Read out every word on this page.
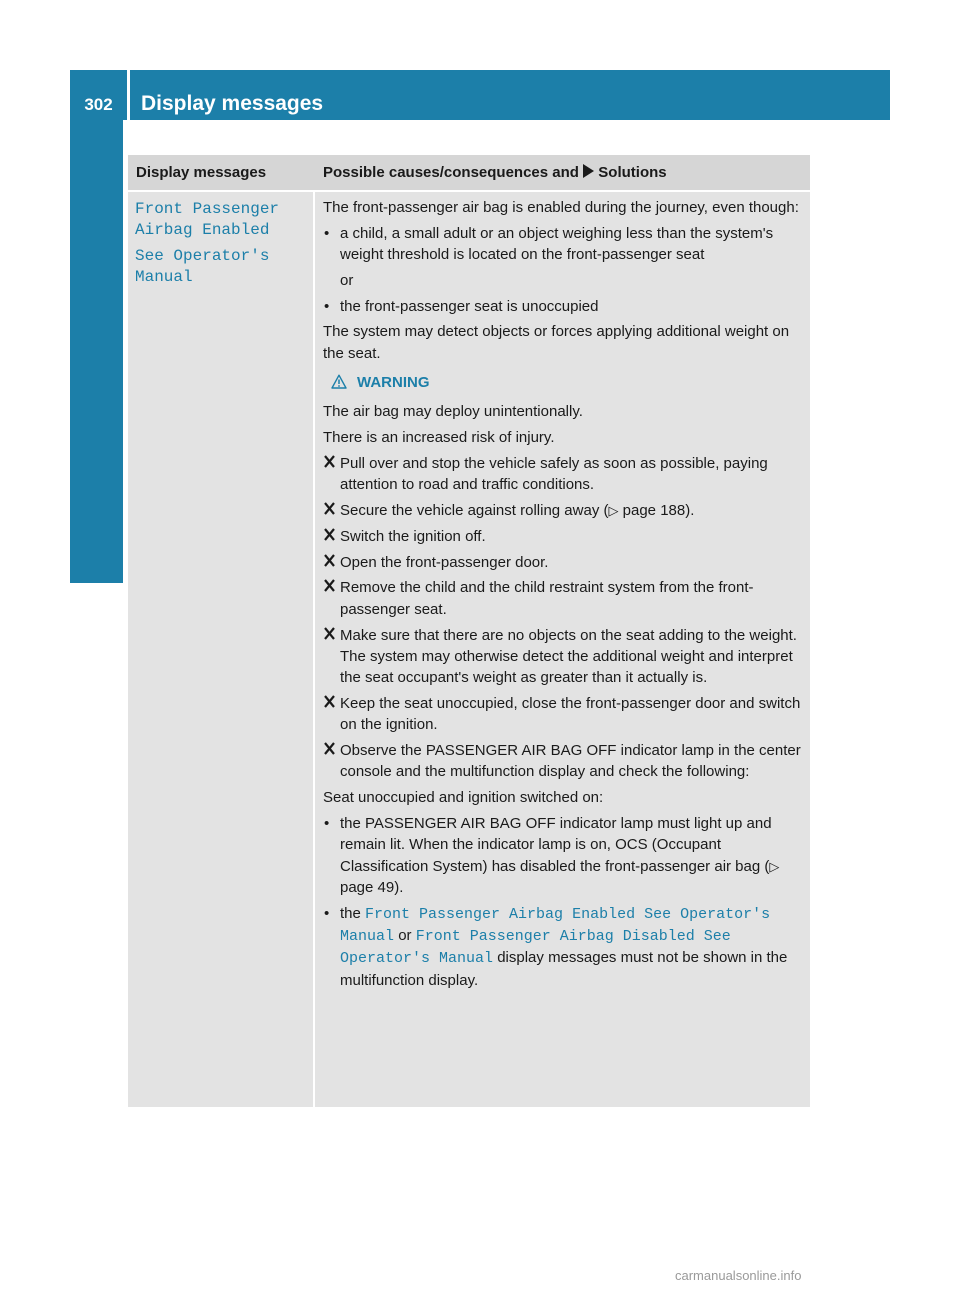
302	Display messages
Display messages	Possible causes/consequences and Solutions

Front Passenger
Airbag Enabled

See Operator's
Manual

The front-passenger air bag is enabled during the journey, even though:

• a child, a small adult or an object weighing less than the system's weight threshold is located on the front-passenger seat

or

• the front-passenger seat is unoccupied

The system may detect objects or forces applying additional weight on the seat.

WARNING

The air bag may deploy unintentionally.

There is an increased risk of injury.

Pull over and stop the vehicle safely as soon as possible, paying attention to road and traffic conditions.
Secure the vehicle against rolling away (▷ page 188).
Switch the ignition off.
Open the front-passenger door.
Remove the child and the child restraint system from the front-passenger seat.
Make sure that there are no objects on the seat adding to the weight.
The system may otherwise detect the additional weight and interpret the seat occupant's weight as greater than it actually is.
Keep the seat unoccupied, close the front-passenger door and switch on the ignition.
Observe the PASSENGER AIR BAG OFF indicator lamp in the center console and the multifunction display and check the following:

Seat unoccupied and ignition switched on:

• the PASSENGER AIR BAG OFF indicator lamp must light up and remain lit. When the indicator lamp is on, OCS (Occupant Classification System) has disabled the front-passenger air bag (▷ page 49).
• the Front Passenger Airbag Enabled See Operator's Manual or Front Passenger Airbag Disabled See Operator's Manual display messages must not be shown in the multifunction display.
carmanualsonline.info
